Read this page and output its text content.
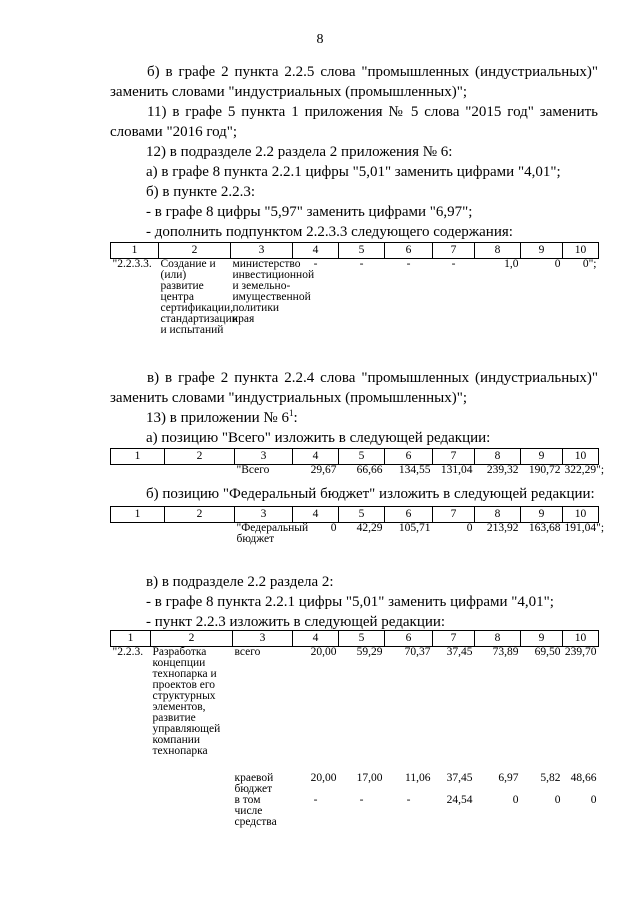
8

б) в графе 2 пункта 2.2.5 слова "промышленных (индустриальных)" заменить словами "индустриальных (промышленных)";

11) в графе 5 пункта 1 приложения № 5 слова "2015 год" заменить словами "2016 год";

12) в подразделе 2.2 раздела 2 приложения № 6:

а) в графе 8 пункта 2.2.1 цифры "5,01" заменить цифрами "4,01";

б) в пункте 2.2.3:

- в графе 8 цифры "5,97" заменить цифрами "6,97";

- дополнить подпунктом 2.2.3.3 следующего содержания:

1	2	3	4	5	6	7	8	9	10
"2.2.3.3.	Создание и (или) развитие центра сертификации, стандартизации и испытаний	министерство инвестиционной и земельно-имущественной политики края	-	-	-	-	1,0	0	0";

в) в графе 2 пункта 2.2.4 слова "промышленных (индустриальных)" заменить словами "индустриальных (промышленных)";

13) в приложении № $6^1$:

а) позицию "Всего" изложить в следующей редакции:

1	2	3	4	5	6	7	8	9	10
		"Всего	29,67	66,66	134,55	131,04	239,32	190,72	322,29";

б) позицию "Федеральный бюджет" изложить в следующей редакции:

1	2	3	4	5	6	7	8	9	10
		"Федеральный бюджет	0	42,29	105,71	0	213,92	163,68	191,04";

в) в подразделе 2.2 раздела 2:

- в графе 8 пункта 2.2.1 цифры "5,01" заменить цифрами "4,01";

- пункт 2.2.3 изложить в следующей редакции:

1	2	3	4	5	6	7	8	9	10
"2.2.3.	Разработка концепции технопарка и проектов его структурных элементов, развитие управляющей компании технопарка	всего	20,00	59,29	70,37	37,45	73,89	69,50	239,70
		краевой бюджет	20,00	17,00	11,06	37,45	6,97	5,82	48,66
		в том числе средства	-	-	-	24,54	0	0	0
